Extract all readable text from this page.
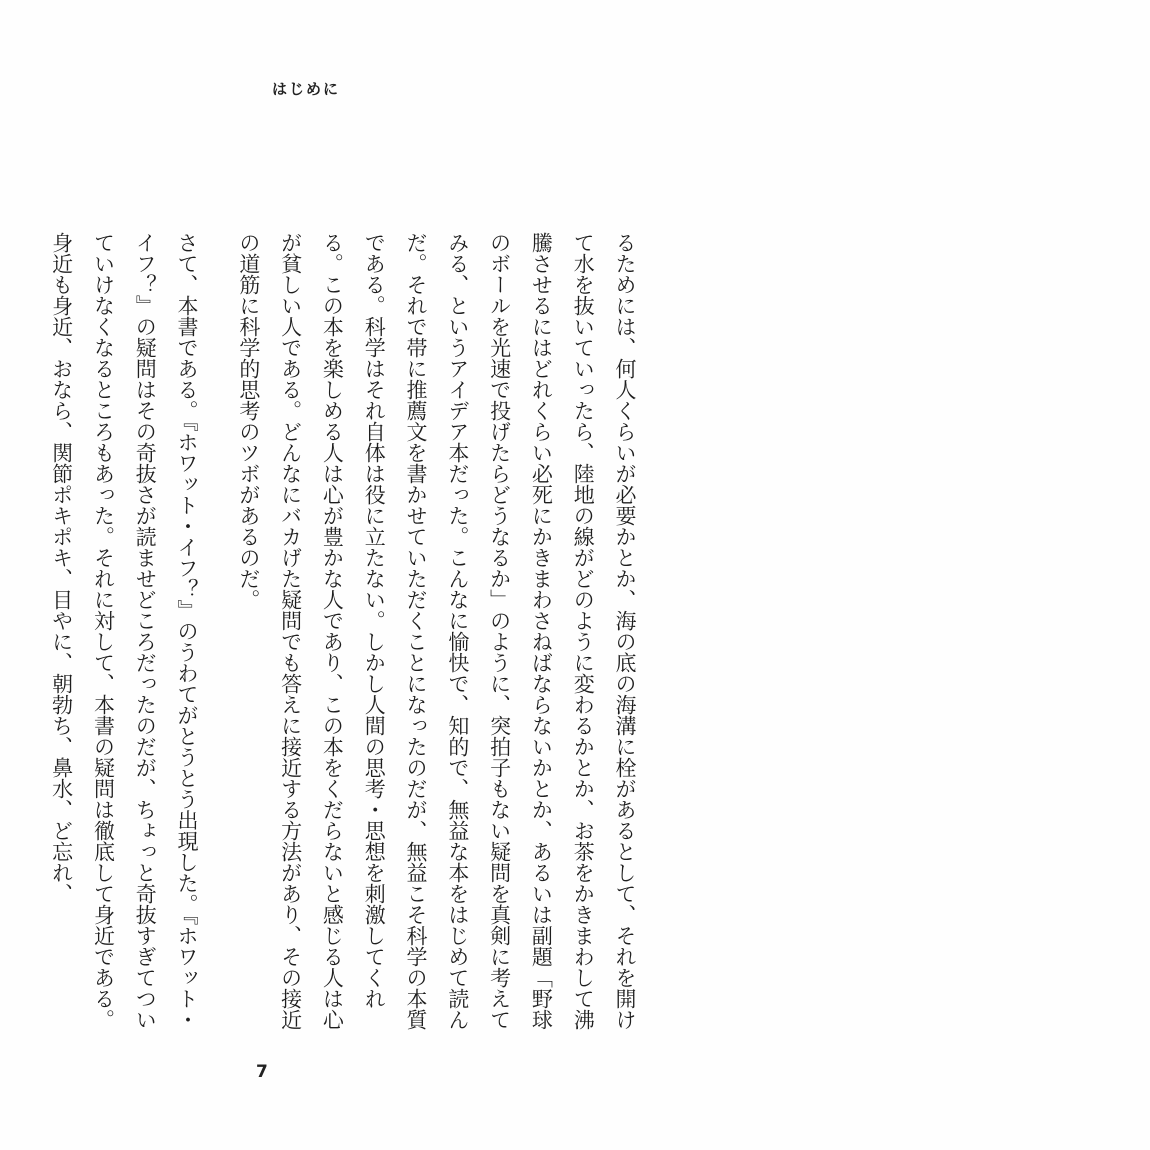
はじめに

るためには、何人くらいが必要かとか、海の底の海溝に栓があるとして、それを開けて水を抜いていったら、陸地の線がどのように変わるかとか、お茶をかきまわして沸騰させるにはどれくらい必死にかきまわさねばならないかとか、あるいは副題「野球のボールを光速で投げたらどうなるか」のように、突拍子もない疑問を真剣に考えてみる、というアイデア本だった。こんなに愉快で、知的で、無益な本をはじめて読んだ。それで帯に推薦文を書かせていただくことになったのだが、無益こそ科学の本質である。科学はそれ自体は役に立たない。しかし人間の思考・思想を刺激してくれる。この本を楽しめる人は心が豊かな人であり、この本をくだらないと感じる人は心が貧しい人である。どんなにバカげた疑問でも答えに接近する方法があり、その接近の道筋に科学的思考のツボがあるのだ。

さて、本書である。『ホワット・イフ？』のうわてがとうとう出現した。『ホワット・イフ？』の疑問はその奇抜さが読ませどころだったのだが、ちょっと奇抜すぎてついていけなくなるところもあった。それに対して、本書の疑問は徹底して身近である。身近も身近、おなら、関節ポキポキ、目やに、朝勃ち、鼻水、ど忘れ、

7
